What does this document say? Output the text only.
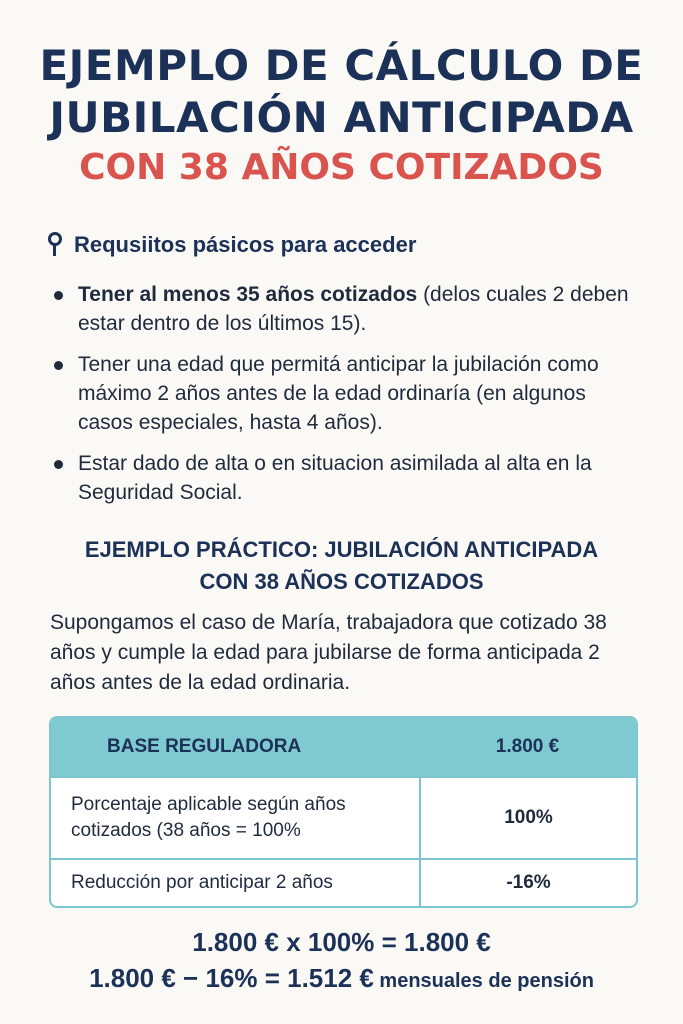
EJEMPLO DE CÁLCULO DE
JUBILACIÓN ANTICIPADA
CON 38 AÑOS COTIZADOS
Requsiitos pásicos para acceder
Tener al menos 35 años cotizados (delos cuales 2 deben estar dentro de los últimos 15).
Tener una edad que permitá anticipar la jubilación como máximo 2 años antes de la edad ordinaría (en algunos casos especiales, hasta 4 años).
Estar dado de alta o en situacion asimilada al alta en la Seguridad Social.
EJEMPLO PRÁCTICO: JUBILACIÓN ANTICIPADA
CON 38 AÑOS COTIZADOS
Supongamos el caso de María, trabajadora que cotizado 38 años y cumple la edad para jubilarse de forma anticipada 2 años antes de la edad ordinaria.
BASE REGULADORA	1.800 €
Porcentaje aplicable según años cotizados (38 años = 100%
100%
Reducción por anticipar 2 años	-16%
1.800 € x 100% = 1.800 €
1.800 € − 16% = 1.512 € mensuales de pensión
